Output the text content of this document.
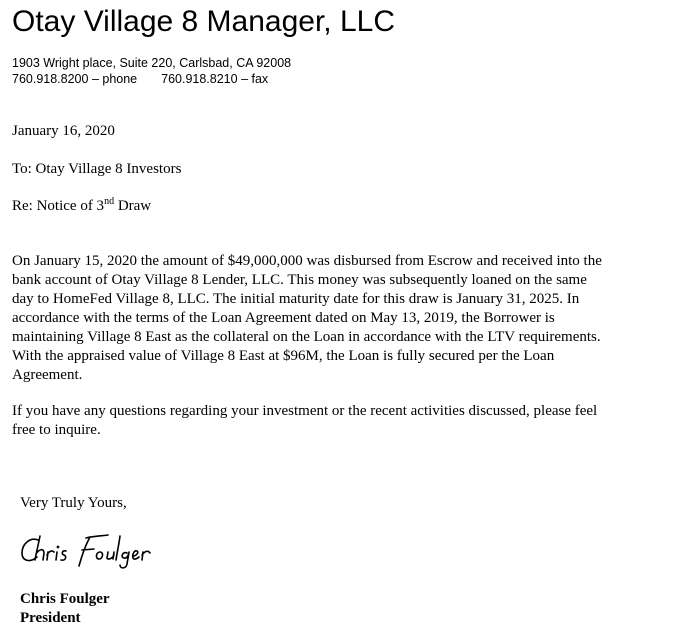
Otay Village 8 Manager, LLC
1903 Wright place, Suite 220, Carlsbad, CA 92008
760.918.8200 – phone 760.918.8210 – fax
January 16, 2020
To: Otay Village 8 Investors
Re: Notice of 3nd Draw
On January 15, 2020 the amount of $49,000,000 was disbursed from Escrow and received into the
bank account of Otay Village 8 Lender, LLC. This money was subsequently loaned on the same
day to HomeFed Village 8, LLC. The initial maturity date for this draw is January 31, 2025. In
accordance with the terms of the Loan Agreement dated on May 13, 2019, the Borrower is
maintaining Village 8 East as the collateral on the Loan in accordance with the LTV requirements.
With the appraised value of Village 8 East at $96M, the Loan is fully secured per the Loan
Agreement.
If you have any questions regarding your investment or the recent activities discussed, please feel
free to inquire.
Very Truly Yours,
Chris Foulger
President
